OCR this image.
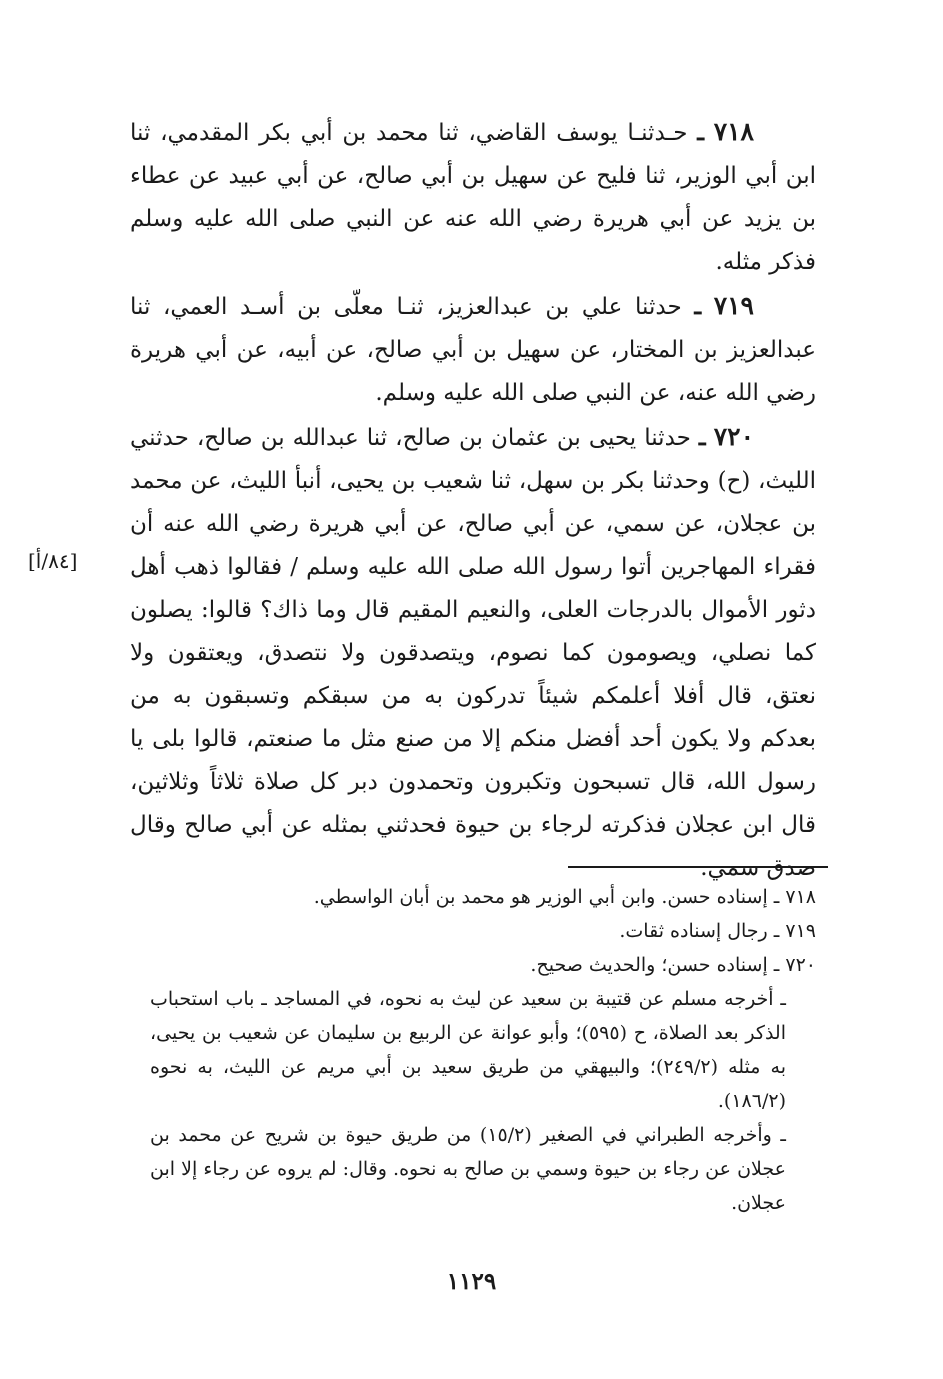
٧١٨ ـ حـدثنـا يوسف القاضي، ثنا محمد بن أبي بكر المقدمي، ثنا ابن أبي الوزير، ثنا فليح عن سهيل بن أبي صالح، عن أبي عبيد عن عطاء بن يزيد عن أبي هريرة رضي الله عنه عن النبي صلى الله عليه وسلم فذكر مثله.

٧١٩ ـ حدثنا علي بن عبدالعزيز، ثنـا معلّى بن أسـد العمي، ثنا عبدالعزيز بن المختار، عن سهيل بن أبي صالح، عن أبيه، عن أبي هريرة رضي الله عنه، عن النبي صلى الله عليه وسلم.

٧٢٠ ـ حدثنا يحيى بن عثمان بن صالح، ثنا عبدالله بن صالح، حدثني الليث، (ح) وحدثنا بكر بن سهل، ثنا شعيب بن يحيى، أنبأ الليث، عن محمد بن عجلان، عن سمي، عن أبي صالح، عن أبي هريرة رضي الله عنه أن فقراء المهاجرين أتوا رسول الله صلى الله عليه وسلم / فقالوا ذهب أهل دثور الأموال بالدرجات العلى، والنعيم المقيم قال وما ذاك؟ قالوا: يصلون كما نصلي، ويصومون كما نصوم، ويتصدقون ولا نتصدق، ويعتقون ولا نعتق، قال أفلا أعلمكم شيئاً تدركون به من سبقكم وتسبقون به من بعدكم ولا يكون أحد أفضل منكم إلا من صنع مثل ما صنعتم، قالوا بلى يا رسول الله، قال تسبحون وتكبرون وتحمدون دبر كل صلاة ثلاثاً وثلاثين، قال ابن عجلان فذكرته لرجاء بن حيوة فحدثني بمثله عن أبي صالح وقال صدق سمي.

[٨٤/أ]

٧١٨ ـ إسناده حسن. وابن أبي الوزير هو محمد بن أبان الواسطي.

٧١٩ ـ رجال إسناده ثقات.

٧٢٠ ـ إسناده حسن؛ والحديث صحيح.

ـ أخرجه مسلم عن قتيبة بن سعيد عن ليث به نحوه، في المساجد ـ باب استحباب الذكر بعد الصلاة، ح (٥٩٥)؛ وأبو عوانة عن الربيع بن سليمان عن شعيب بن يحيى، به مثله (٢٤٩/٢)؛ والبيهقي من طريق سعيد بن أبي مريم عن الليث، به نحوه (١٨٦/٢).

ـ وأخرجه الطبراني في الصغير (١٥/٢) من طريق حيوة بن شريح عن محمد بن عجلان عن رجاء بن حيوة وسمي بن صالح به نحوه. وقال: لم يروه عن رجاء إلا ابن عجلان.

١١٢٩
